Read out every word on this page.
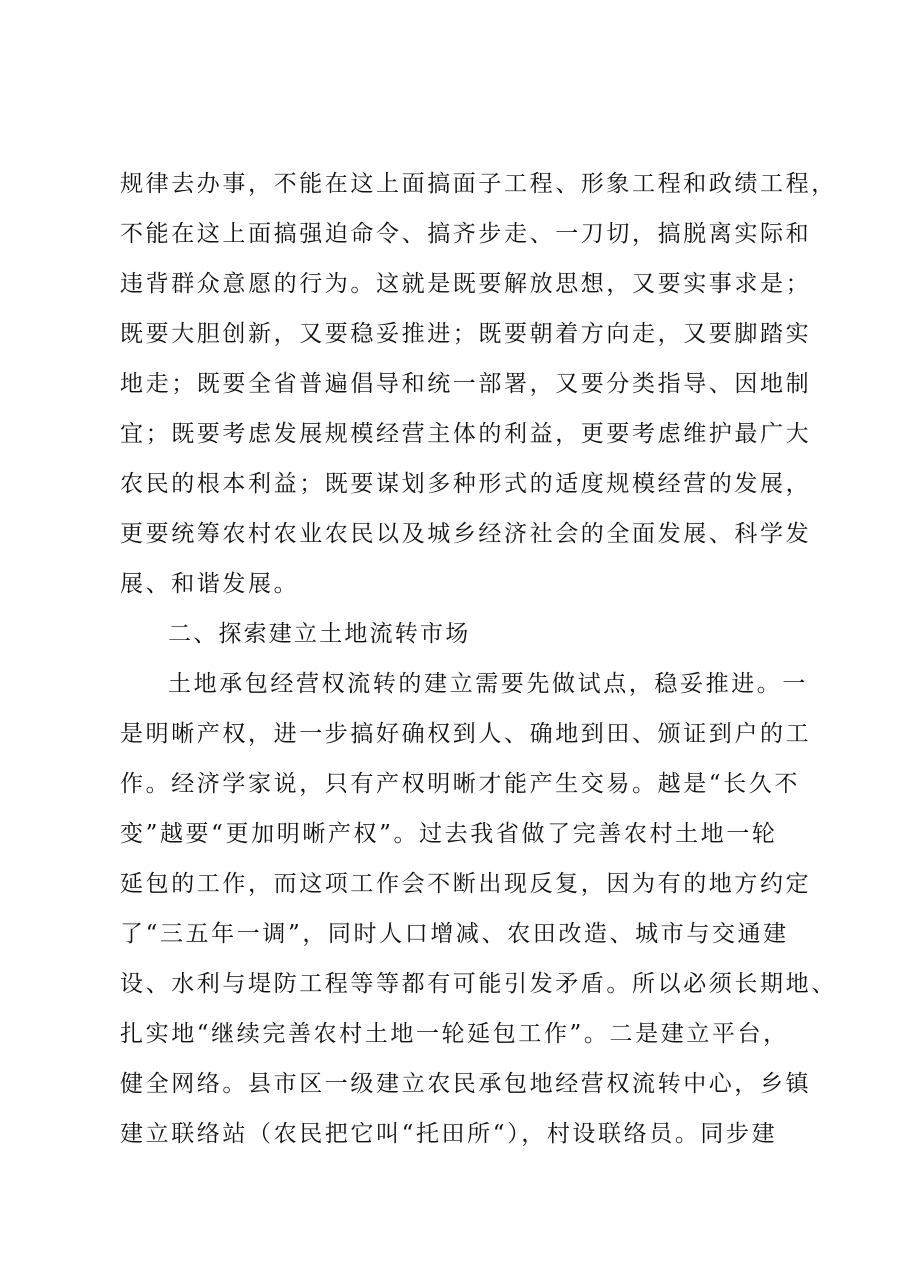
规律去办事，不能在这上面搞面子工程、形象工程和政绩工程，
不能在这上面搞强迫命令、搞齐步走、一刀切，搞脱离实际和
违背群众意愿的行为。这就是既要解放思想，又要实事求是；
既要大胆创新，又要稳妥推进；既要朝着方向走，又要脚踏实
地走；既要全省普遍倡导和统一部署，又要分类指导、因地制
宜；既要考虑发展规模经营主体的利益，更要考虑维护最广大
农民的根本利益；既要谋划多种形式的适度规模经营的发展，
更要统筹农村农业农民以及城乡经济社会的全面发展、科学发
展、和谐发展。
二、探索建立土地流转市场
土地承包经营权流转的建立需要先做试点，稳妥推进。一
是明晰产权，进一步搞好确权到人、确地到田、颁证到户的工
作。经济学家说，只有产权明晰才能产生交易。越是“长久不
变”越要“更加明晰产权”。过去我省做了完善农村土地一轮
延包的工作，而这项工作会不断出现反复，因为有的地方约定
了“三五年一调”，同时人口增减、农田改造、城市与交通建
设、水利与堤防工程等等都有可能引发矛盾。所以必须长期地、
扎实地“继续完善农村土地一轮延包工作”。二是建立平台，
健全网络。县市区一级建立农民承包地经营权流转中心，乡镇
建立联络站（农民把它叫“托田所“），村设联络员。同步建
